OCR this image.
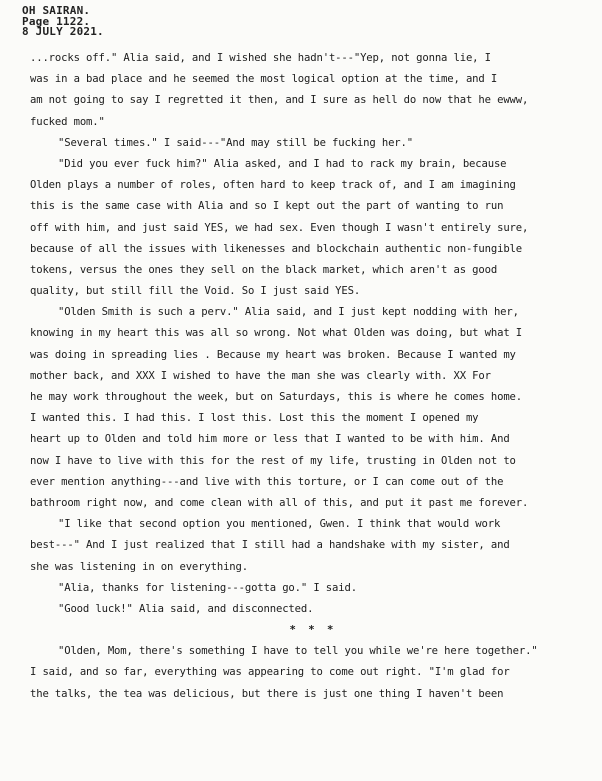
OH SAIRAN.
Page 1122.
8 JULY 2021.
...rocks off." Alia said, and I wished she hadn't---"Yep, not gonna lie, I
was in a bad place and he seemed the most logical option at the time, and I
am not going to say I regretted it then, and I sure as hell do now that he ewww,
fucked mom."
"Several times." I said---"And may still be fucking her."
"Did you ever fuck him?" Alia asked, and I had to rack my brain, because
Olden plays a number of roles, often hard to keep track of, and I am imagining
this is the same case with Alia and so I kept out the part of wanting to run
off with him, and just said YES, we had sex. Even though I wasn't entirely sure,
because of all the issues with likenesses and blockchain authentic non-fungible
tokens, versus the ones they sell on the black market, which aren't as good
quality, but still fill the Void. So I just said YES.
"Olden Smith is such a perv." Alia said, and I just kept nodding with her,
knowing in my heart this was all so wrong. Not what Olden was doing, but what I
was doing in spreading lies . Because my heart was broken. Because I wanted my
mother back, and XXX I wished to have the man she was clearly with. XX For
he may work throughout the week, but on Saturdays, this is where he comes home.
I wanted this. I had this. I lost this. Lost this the moment I opened my
heart up to Olden and told him more or less that I wanted to be with him. And
now I have to live with this for the rest of my life, trusting in Olden not to
ever mention anything---and live with this torture, or I can come out of the
bathroom right now, and come clean with all of this, and put it past me forever.
"I like that second option you mentioned, Gwen. I think that would work
best---" And I just realized that I still had a handshake with my sister, and
she was listening in on everything.
"Alia, thanks for listening---gotta go." I said.
"Good luck!" Alia said, and disconnected.
* * *
"Olden, Mom, there's something I have to tell you while we're here together."
I said, and so far, everything was appearing to come out right. "I'm glad for
the talks, the tea was delicious, but there is just one thing I haven't been
